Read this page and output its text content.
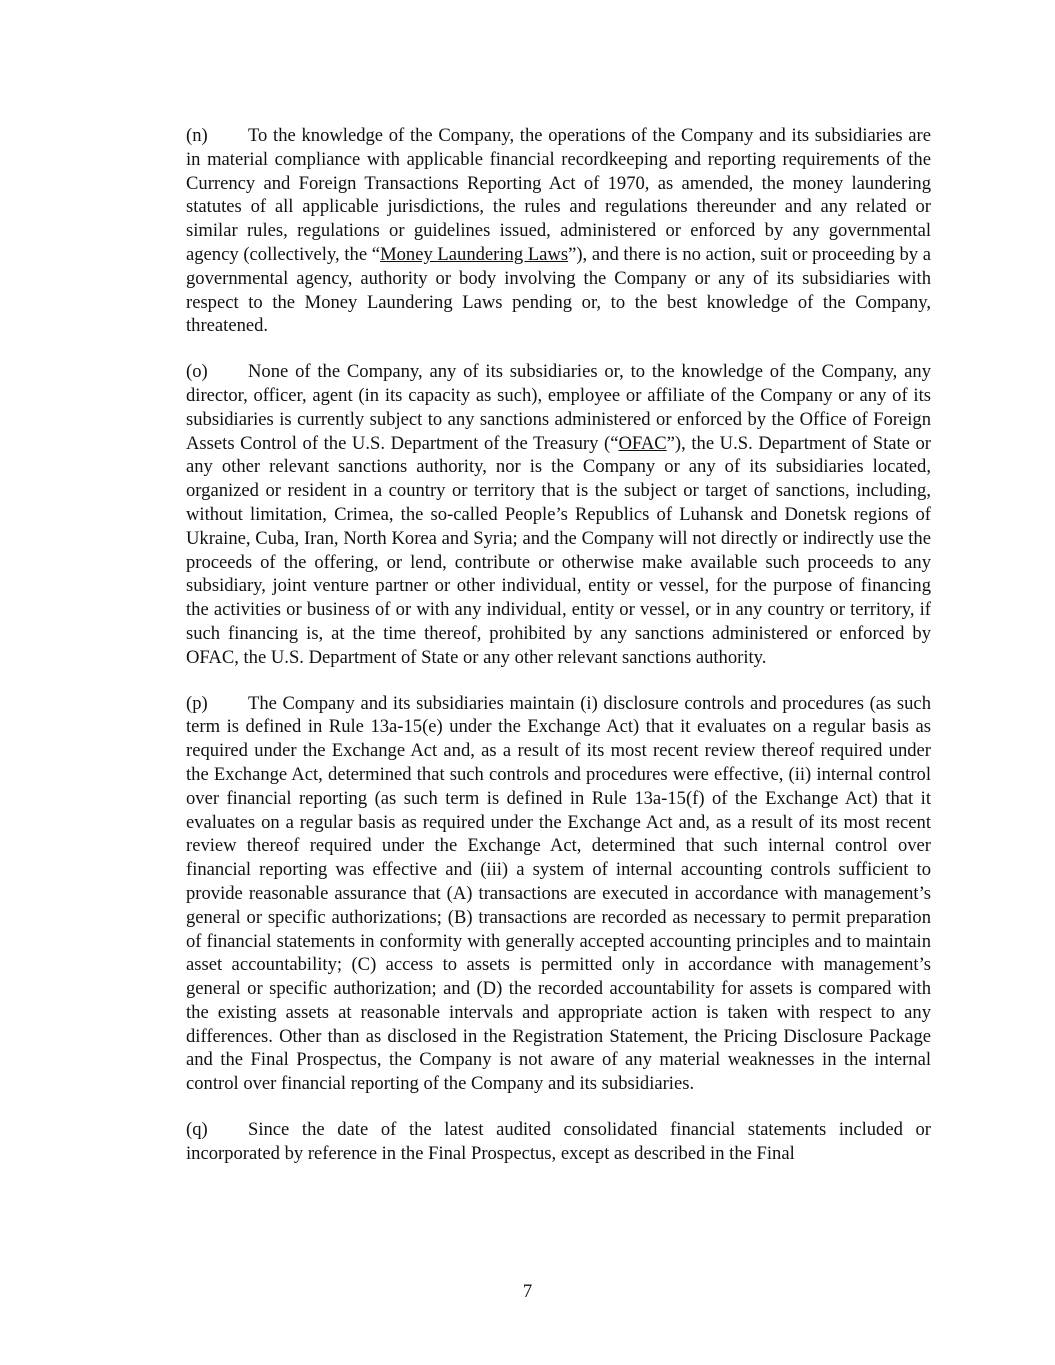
(n) To the knowledge of the Company, the operations of the Company and its subsidiaries are in material compliance with applicable financial recordkeeping and reporting requirements of the Currency and Foreign Transactions Reporting Act of 1970, as amended, the money laundering statutes of all applicable jurisdictions, the rules and regulations thereunder and any related or similar rules, regulations or guidelines issued, administered or enforced by any governmental agency (collectively, the “Money Laundering Laws”), and there is no action, suit or proceeding by a governmental agency, authority or body involving the Company or any of its subsidiaries with respect to the Money Laundering Laws pending or, to the best knowledge of the Company, threatened.

(o) None of the Company, any of its subsidiaries or, to the knowledge of the Company, any director, officer, agent (in its capacity as such), employee or affiliate of the Company or any of its subsidiaries is currently subject to any sanctions administered or enforced by the Office of Foreign Assets Control of the U.S. Department of the Treasury (“OFAC”), the U.S. Department of State or any other relevant sanctions authority, nor is the Company or any of its subsidiaries located, organized or resident in a country or territory that is the subject or target of sanctions, including, without limitation, Crimea, the so-called People’s Republics of Luhansk and Donetsk regions of Ukraine, Cuba, Iran, North Korea and Syria; and the Company will not directly or indirectly use the proceeds of the offering, or lend, contribute or otherwise make available such proceeds to any subsidiary, joint venture partner or other individual, entity or vessel, for the purpose of financing the activities or business of or with any individual, entity or vessel, or in any country or territory, if such financing is, at the time thereof, prohibited by any sanctions administered or enforced by OFAC, the U.S. Department of State or any other relevant sanctions authority.

(p) The Company and its subsidiaries maintain (i) disclosure controls and procedures (as such term is defined in Rule 13a-15(e) under the Exchange Act) that it evaluates on a regular basis as required under the Exchange Act and, as a result of its most recent review thereof required under the Exchange Act, determined that such controls and procedures were effective, (ii) internal control over financial reporting (as such term is defined in Rule 13a-15(f) of the Exchange Act) that it evaluates on a regular basis as required under the Exchange Act and, as a result of its most recent review thereof required under the Exchange Act, determined that such internal control over financial reporting was effective and (iii) a system of internal accounting controls sufficient to provide reasonable assurance that (A) transactions are executed in accordance with management’s general or specific authorizations; (B) transactions are recorded as necessary to permit preparation of financial statements in conformity with generally accepted accounting principles and to maintain asset accountability; (C) access to assets is permitted only in accordance with management’s general or specific authorization; and (D) the recorded accountability for assets is compared with the existing assets at reasonable intervals and appropriate action is taken with respect to any differences. Other than as disclosed in the Registration Statement, the Pricing Disclosure Package and the Final Prospectus, the Company is not aware of any material weaknesses in the internal control over financial reporting of the Company and its subsidiaries.

(q) Since the date of the latest audited consolidated financial statements included or incorporated by reference in the Final Prospectus, except as described in the Final

7
